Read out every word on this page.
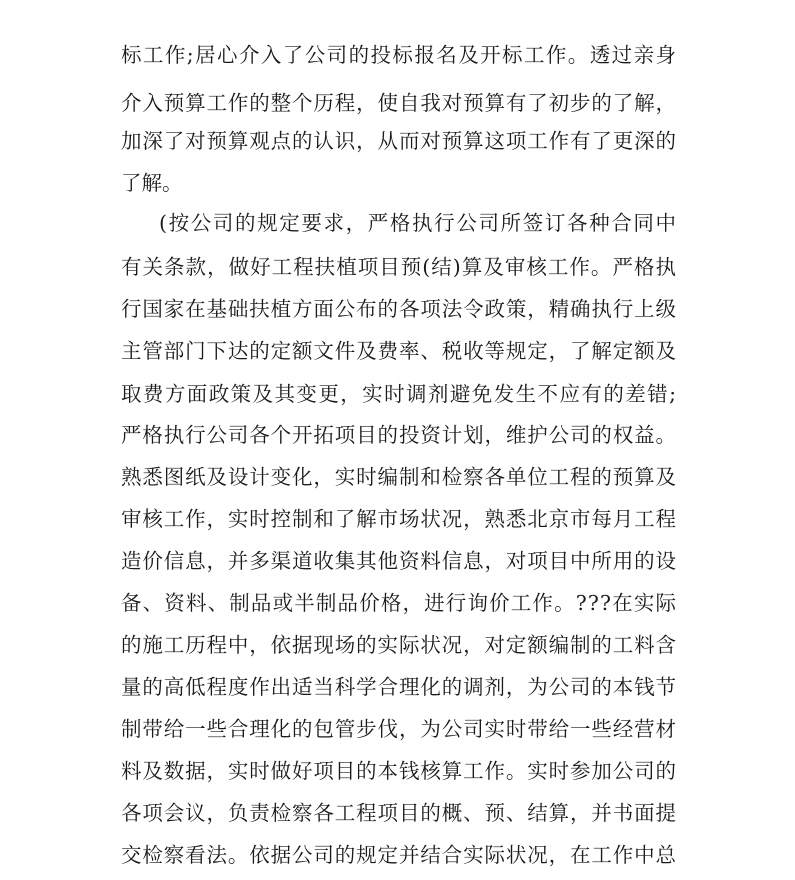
标工作;居心介入了公司的投标报名及开标工作。透过亲身
介入预算工作的整个历程，使自我对预算有了初步的了解，
加深了对预算观点的认识，从而对预算这项工作有了更深的
了解。
(按公司的规定要求，严格执行公司所签订各种合同中
有关条款，做好工程扶植项目预(结)算及审核工作。严格执
行国家在基础扶植方面公布的各项法令政策，精确执行上级
主管部门下达的定额文件及费率、税收等规定，了解定额及
取费方面政策及其变更，实时调剂避免发生不应有的差错;
严格执行公司各个开拓项目的投资计划，维护公司的权益。
熟悉图纸及设计变化，实时编制和检察各单位工程的预算及
审核工作，实时控制和了解市场状况，熟悉北京市每月工程
造价信息，并多渠道收集其他资料信息，对项目中所用的设
备、资料、制品或半制品价格，进行询价工作。???在实际
的施工历程中，依据现场的实际状况，对定额编制的工料含
量的高低程度作出适当科学合理化的调剂，为公司的本钱节
制带给一些合理化的包管步伐，为公司实时带给一些经营材
料及数据，实时做好项目的本钱核算工作。实时参加公司的
各项会议，负责检察各工程项目的概、预、结算，并书面提
交检察看法。依据公司的规定并结合实际状况，在工作中总
